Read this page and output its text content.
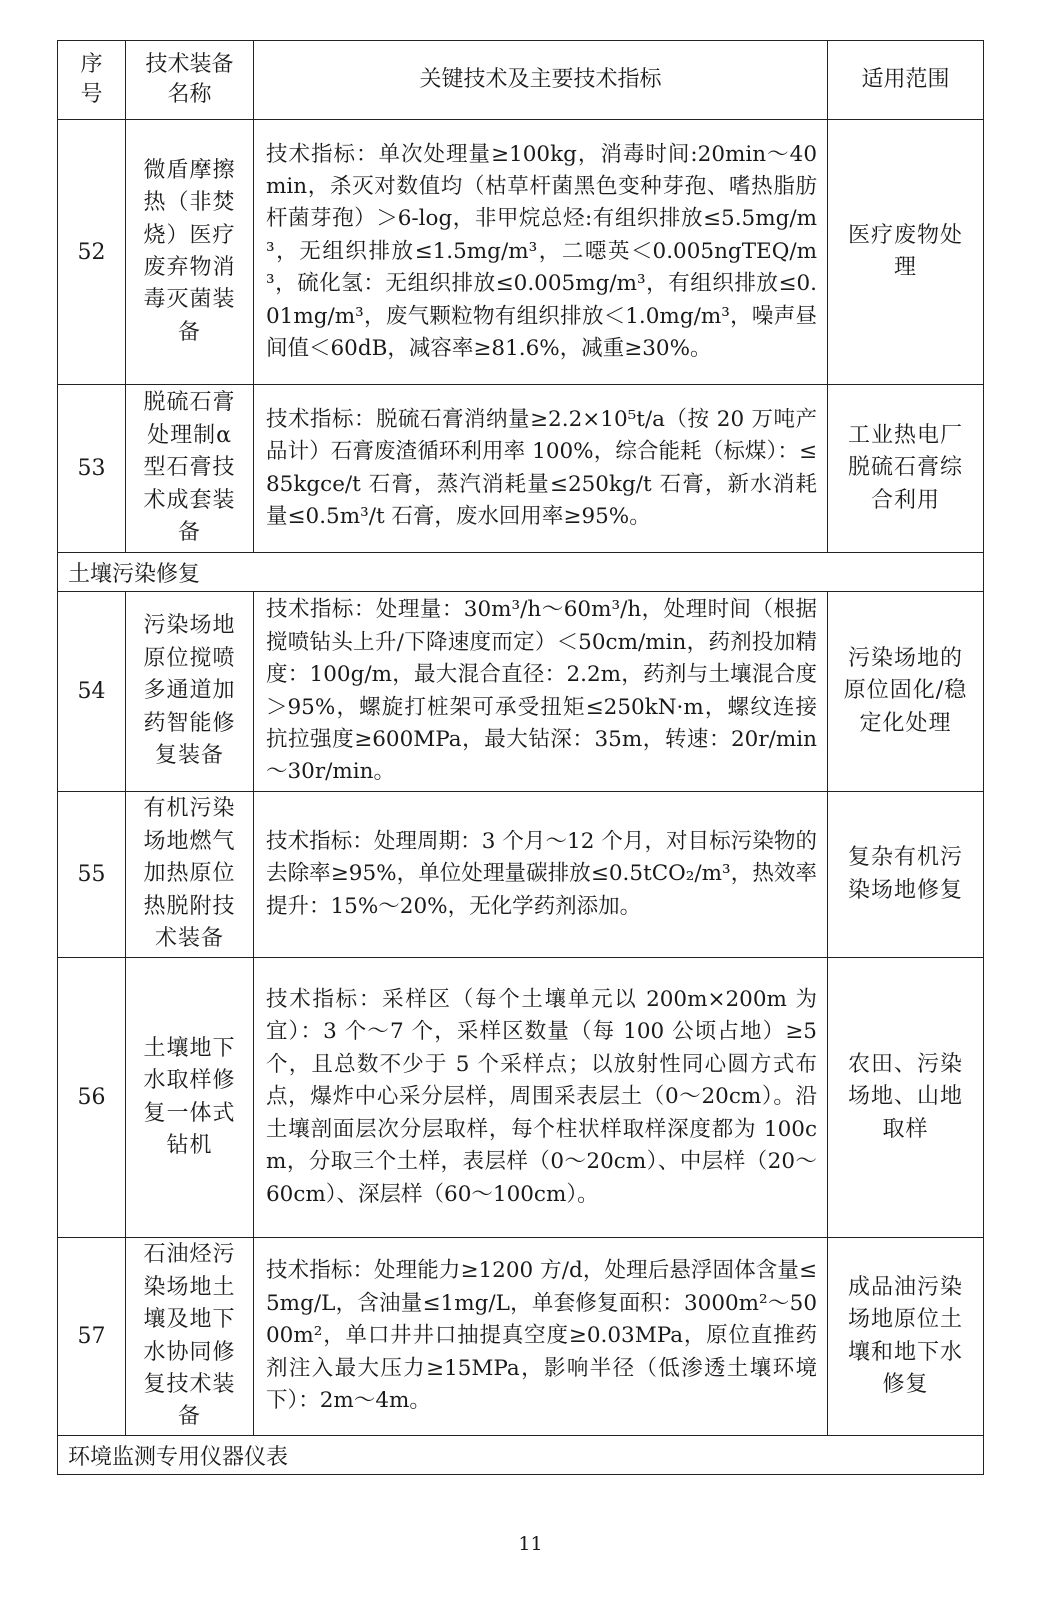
序号	技术装备名称	关键技术及主要技术指标	适用范围
52	微盾摩擦热（非焚烧）医疗废弃物消毒灭菌装备	技术指标：单次处理量≥100kg，消毒时间:20min～40min，杀灭对数值均（枯草杆菌黑色变种芽孢、嗜热脂肪杆菌芽孢）＞6-log，非甲烷总烃:有组织排放≤5.5mg/m³，无组织排放≤1.5mg/m³，二噁英＜0.005ngTEQ/m³，硫化氢：无组织排放≤0.005mg/m³，有组织排放≤0.01mg/m³，废气颗粒物有组织排放＜1.0mg/m³，噪声昼间值＜60dB，减容率≥81.6%，减重≥30%。	医疗废物处理
53	脱硫石膏处理制α型石膏技术成套装备	技术指标：脱硫石膏消纳量≥2.2×10⁵t/a（按 20 万吨产品计）石膏废渣循环利用率 100%，综合能耗（标煤）：≤85kgce/t 石膏，蒸汽消耗量≤250kg/t 石膏，新水消耗量≤0.5m³/t 石膏，废水回用率≥95%。	工业热电厂脱硫石膏综合利用
土壤污染修复			
54	污染场地原位搅喷多通道加药智能修复装备	技术指标：处理量：30m³/h～60m³/h，处理时间（根据搅喷钻头上升/下降速度而定）＜50cm/min，药剂投加精度：100g/m，最大混合直径：2.2m，药剂与土壤混合度＞95%，螺旋打桩架可承受扭矩≤250kN·m，螺纹连接抗拉强度≥600MPa，最大钻深：35m，转速：20r/min～30r/min。	污染场地的原位固化/稳定化处理
55	有机污染场地燃气加热原位热脱附技术装备	技术指标：处理周期：3 个月～12 个月，对目标污染物的去除率≥95%，单位处理量碳排放≤0.5tCO₂/m³，热效率提升：15%～20%，无化学药剂添加。	复杂有机污染场地修复
56	土壤地下水取样修复一体式钻机	技术指标：采样区（每个土壤单元以 200m×200m 为宜）：3 个～7 个，采样区数量（每 100 公顷占地）≥5 个，且总数不少于 5 个采样点；以放射性同心圆方式布点，爆炸中心采分层样，周围采表层土（0～20cm）。沿土壤剖面层次分层取样，每个柱状样取样深度都为 100cm，分取三个土样，表层样（0～20cm）、中层样（20～60cm）、深层样（60～100cm）。	农田、污染场地、山地取样
57	石油烃污染场地土壤及地下水协同修复技术装备	技术指标：处理能力≥1200 方/d，处理后悬浮固体含量≤5mg/L，含油量≤1mg/L，单套修复面积：3000m²～5000m²，单口井井口抽提真空度≥0.03MPa，原位直推药剂注入最大压力≥15MPa，影响半径（低渗透土壤环境下）：2m～4m。	成品油污染场地原位土壤和地下水修复
环境监测专用仪器仪表			
11
